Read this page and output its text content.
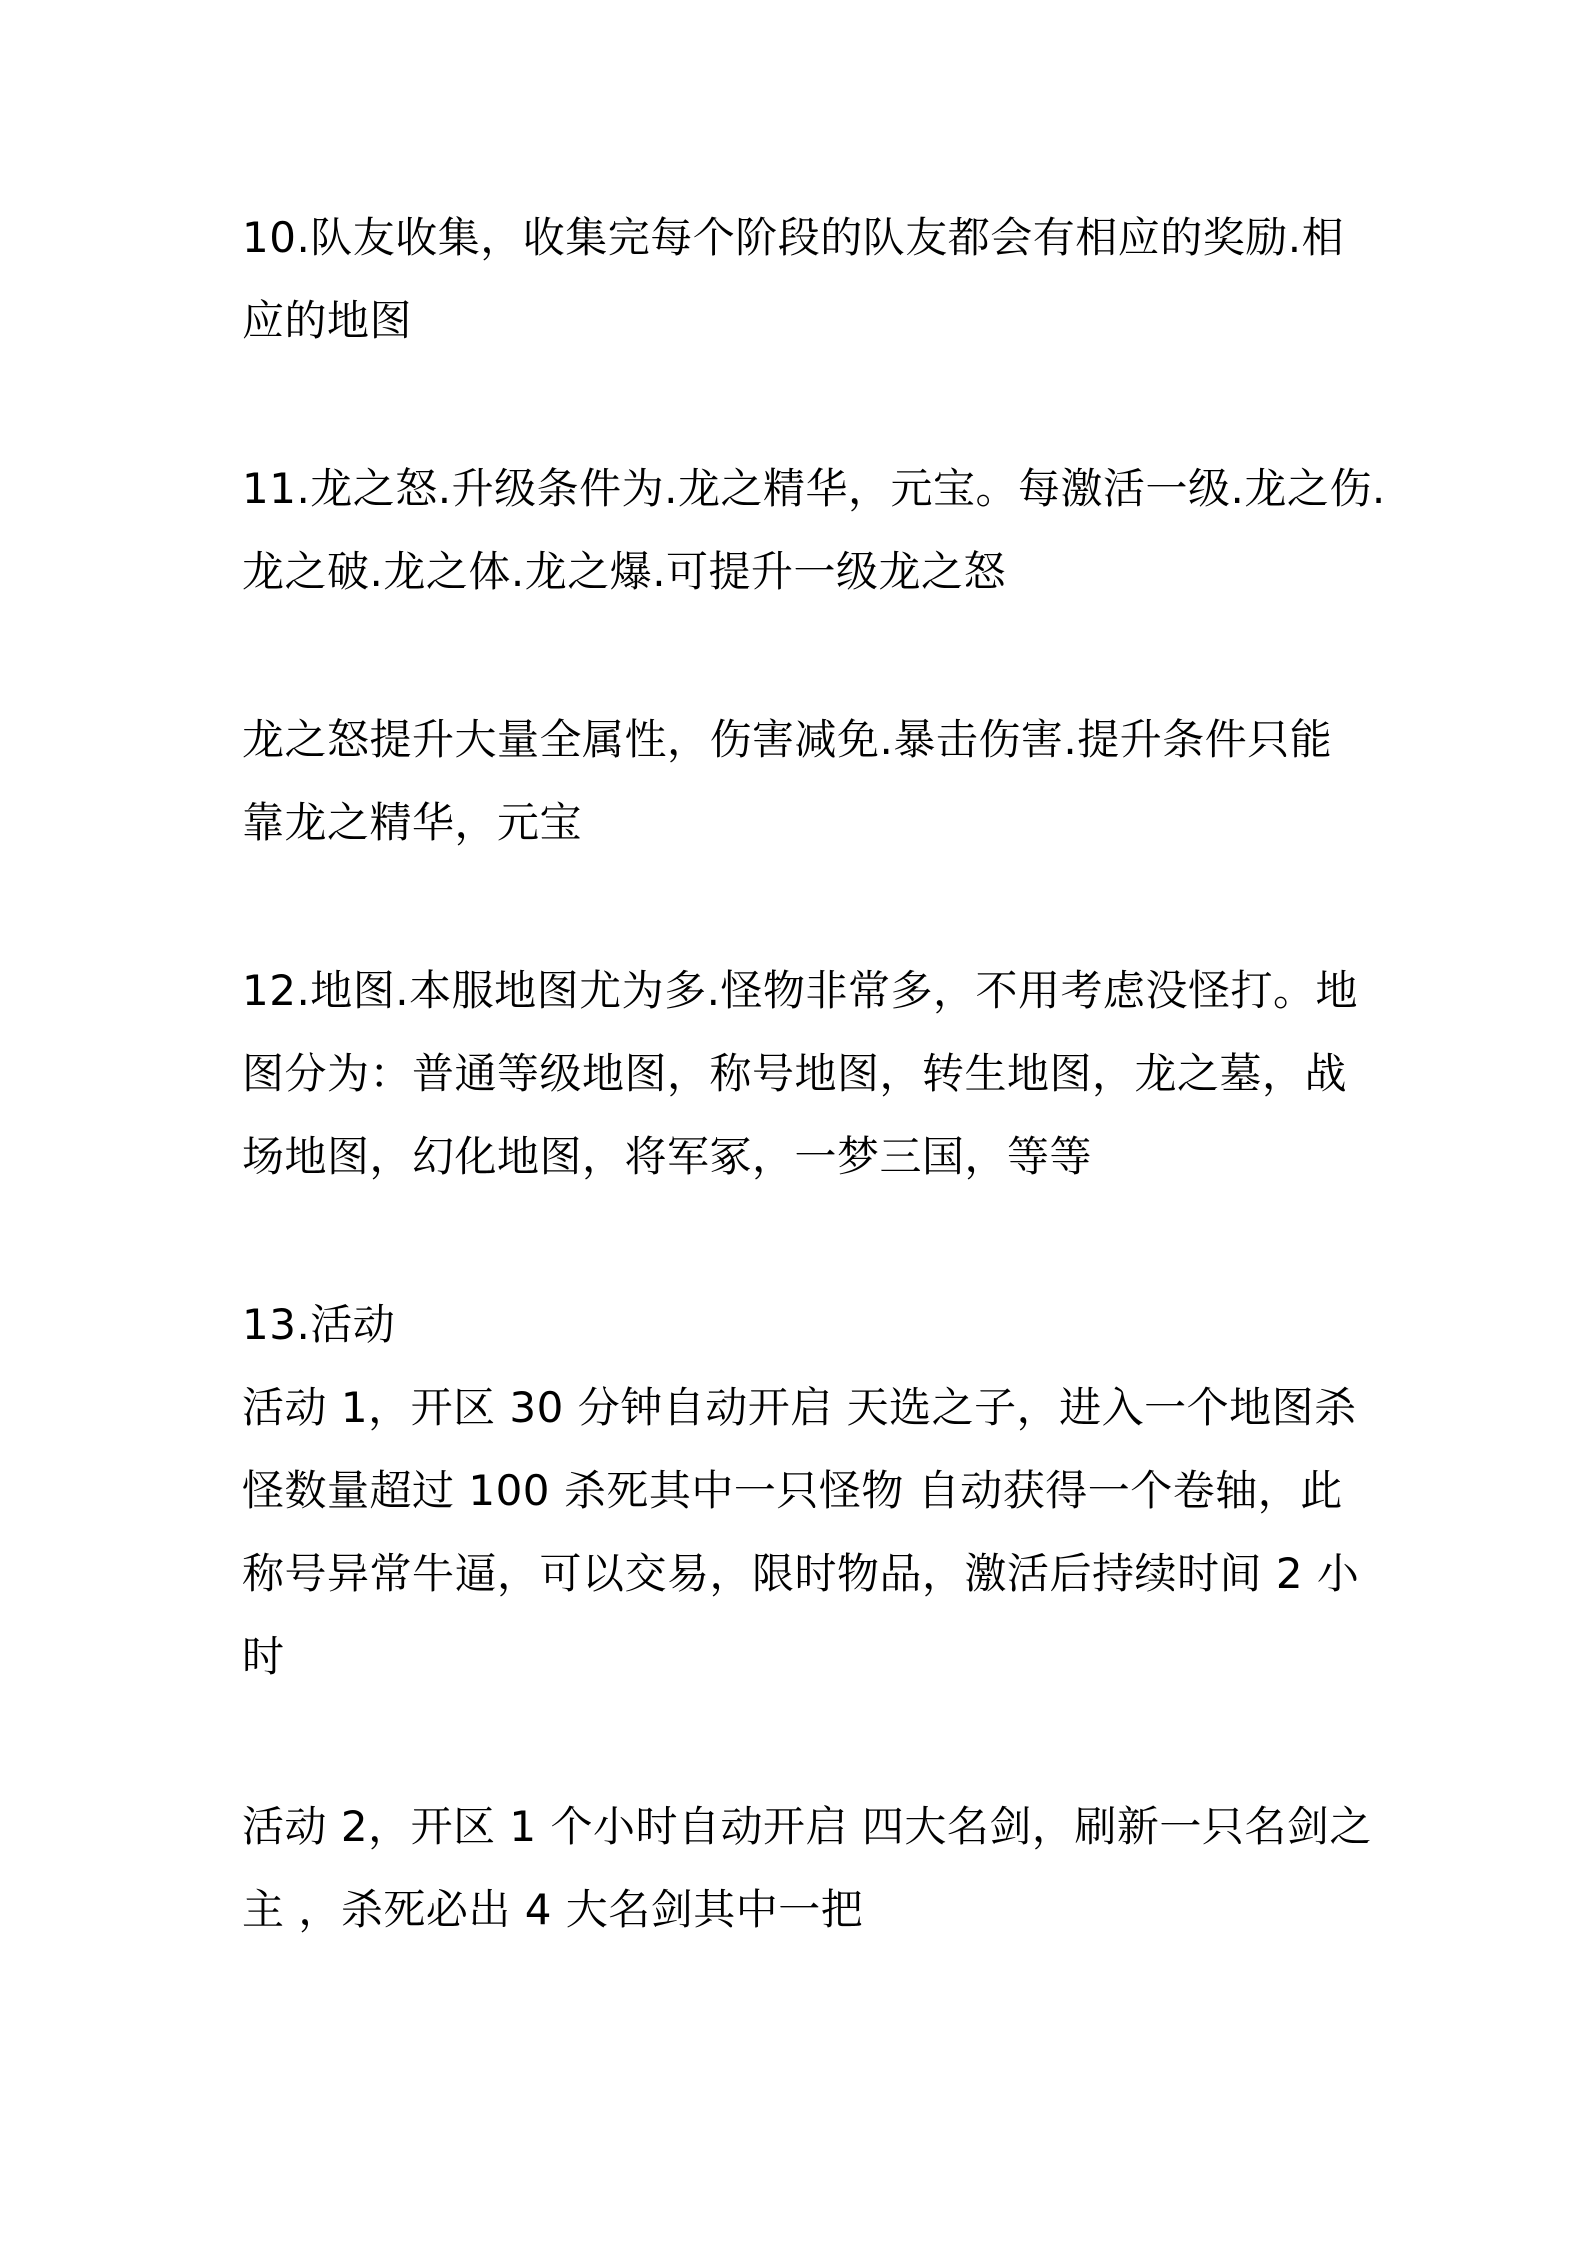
10.队友收集，收集完每个阶段的队友都会有相应的奖励.相
应的地图
11.龙之怒.升级条件为.龙之精华，元宝。每激活一级.龙之伤.
龙之破.龙之体.龙之爆.可提升一级龙之怒
龙之怒提升大量全属性，伤害减免.暴击伤害.提升条件只能
靠龙之精华，元宝
12.地图.本服地图尤为多.怪物非常多，不用考虑没怪打。地
图分为：普通等级地图，称号地图，转生地图，龙之墓，战
场地图，幻化地图，将军冢，一梦三国，等等
13.活动
活动 1，开区 30 分钟自动开启 天选之子，进入一个地图杀
怪数量超过 100 杀死其中一只怪物 自动获得一个卷轴，此
称号异常牛逼，可以交易，限时物品，激活后持续时间 2 小
时
活动 2，开区 1 个小时自动开启 四大名剑，刷新一只名剑之
主 ，杀死必出 4 大名剑其中一把
